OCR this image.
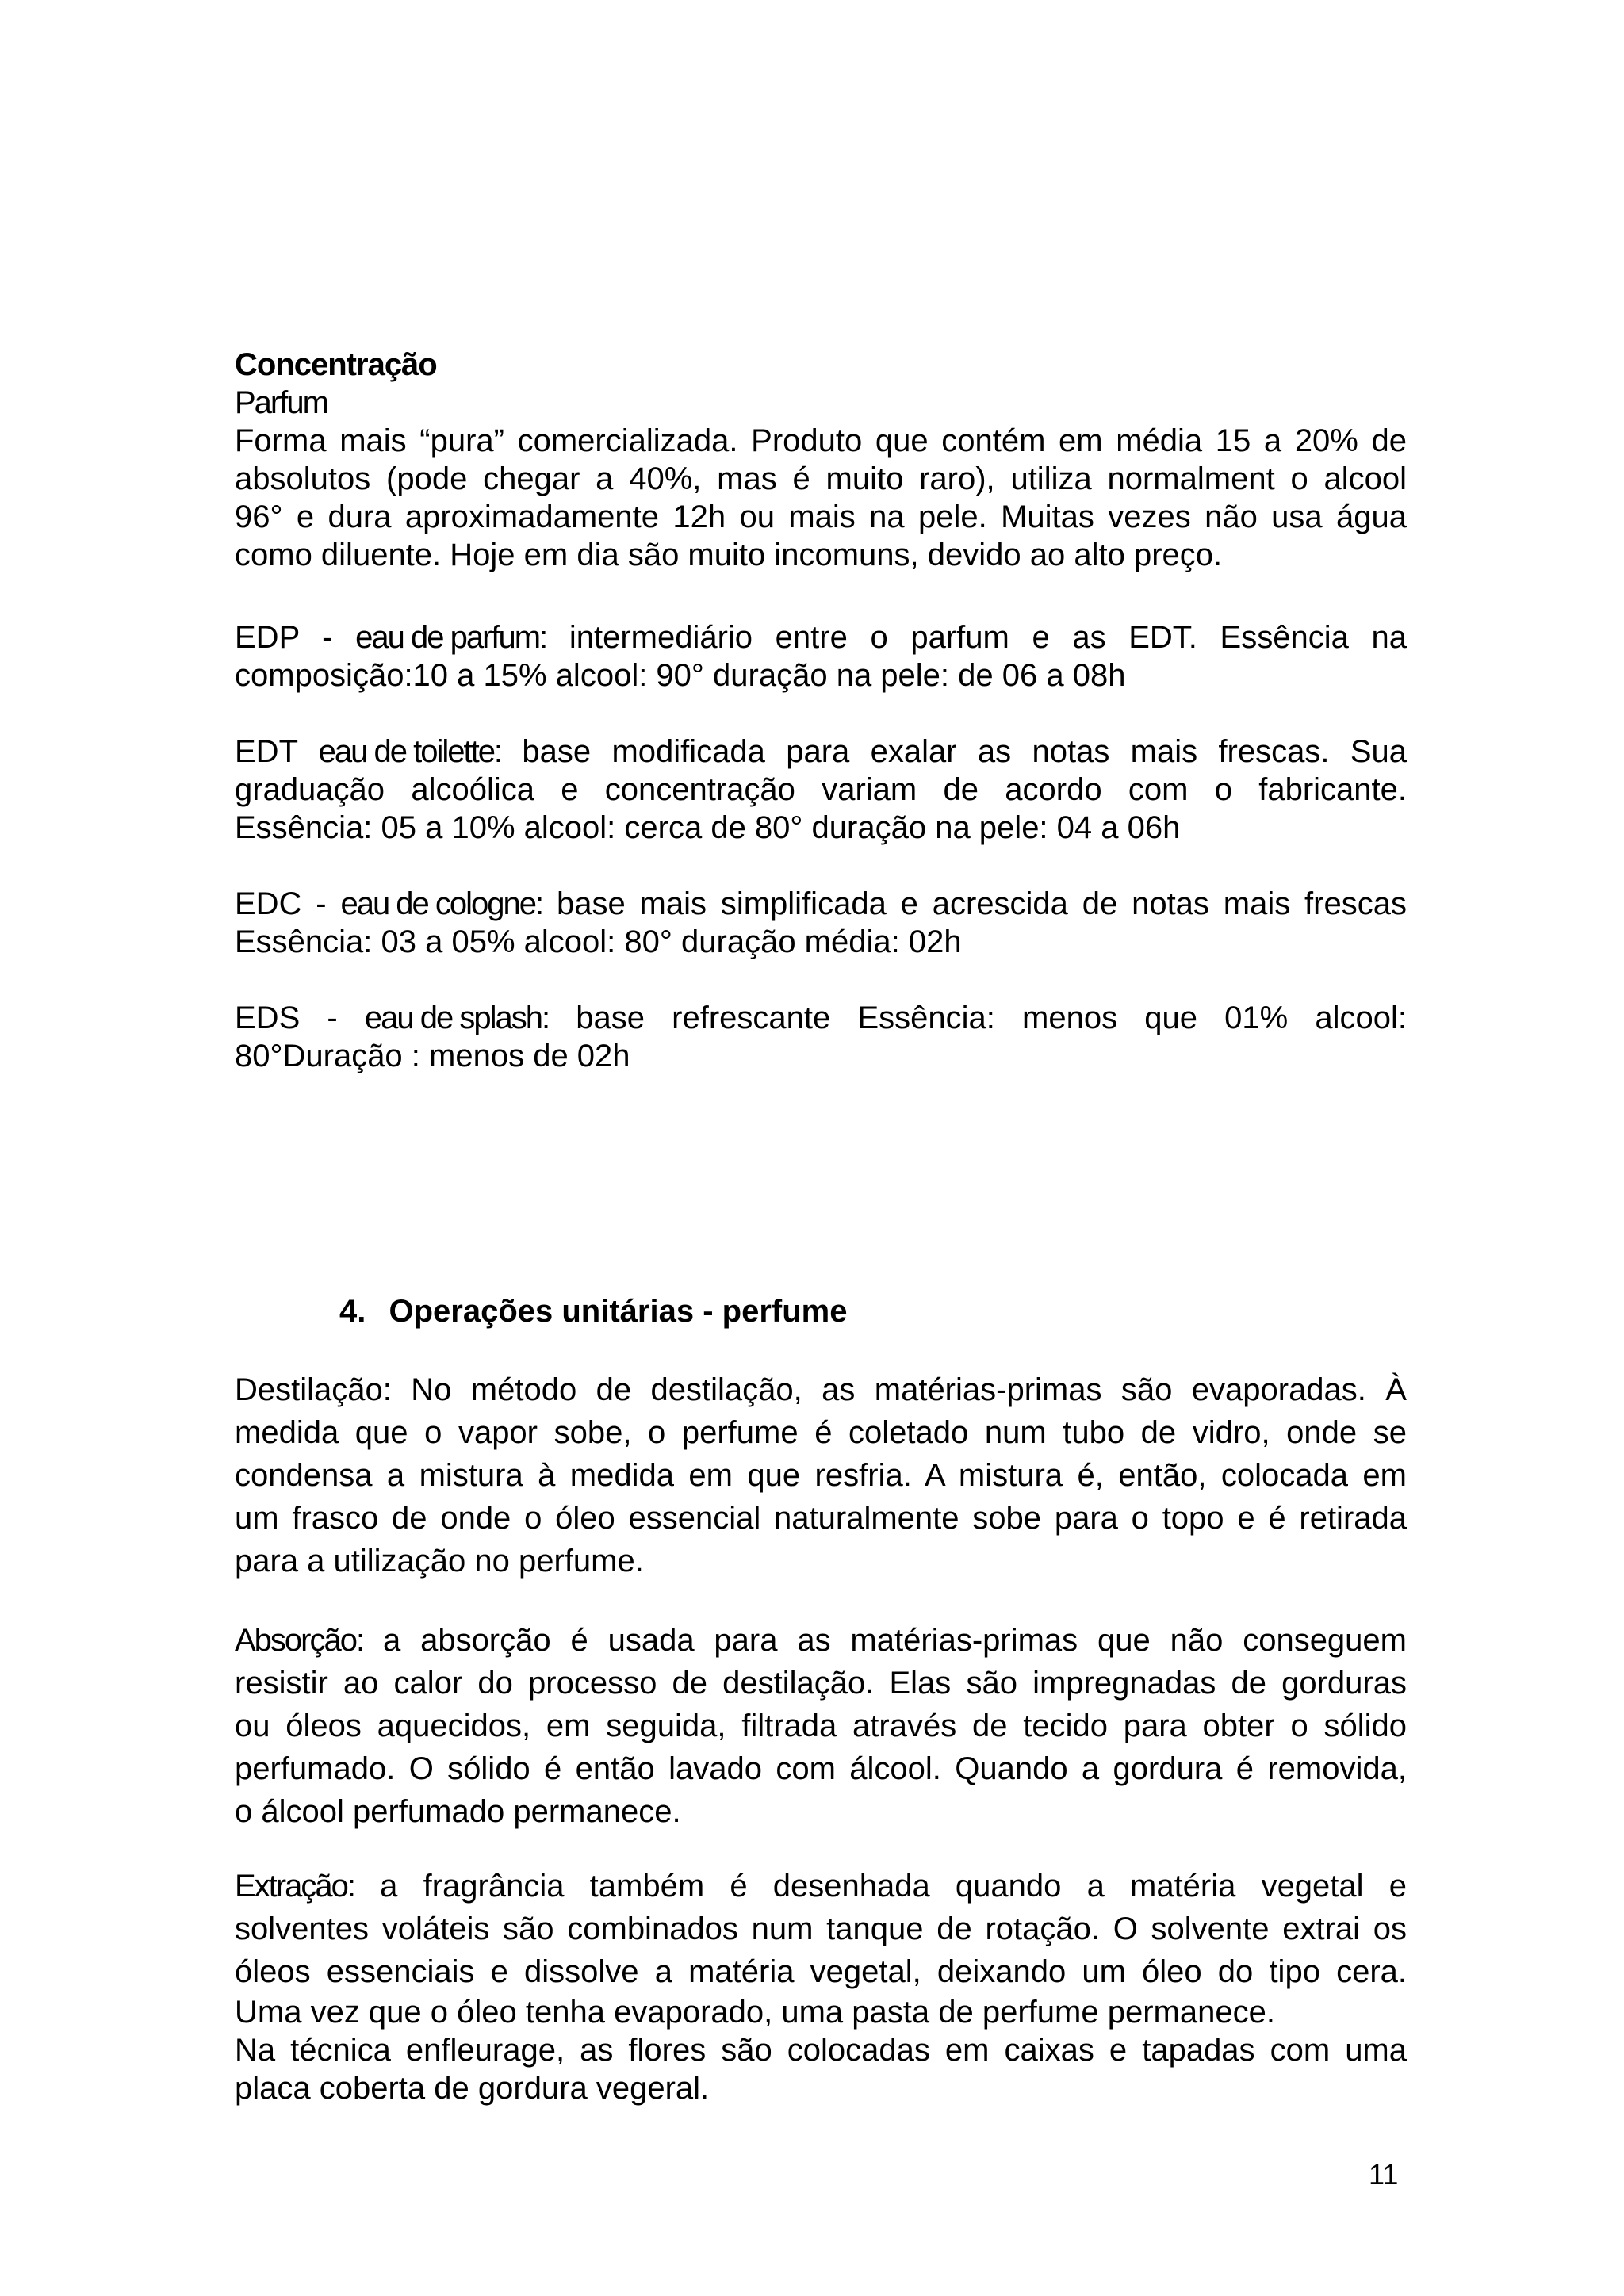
Concentração
Parfum
Forma mais “pura” comercializada. Produto que contém em média 15 a 20% de
absolutos (pode chegar a 40%, mas é muito raro), utiliza normalment o alcool
96° e dura aproximadamente 12h ou mais na pele. Muitas vezes não usa água
como diluente. Hoje em dia são muito incomuns, devido ao alto preço.
EDP - eau de parfum: intermediário entre o parfum e as EDT. Essência na
composição:10 a 15% alcool: 90° duração na pele: de 06 a 08h
EDT eau de toilette: base modificada para exalar as notas mais frescas. Sua
graduação alcoólica e concentração variam de acordo com o fabricante.
Essência: 05 a 10% alcool: cerca de 80° duração na pele: 04 a 06h
EDC - eau de cologne: base mais simplificada e acrescida de notas mais frescas
Essência: 03 a 05% alcool: 80° duração média: 02h
EDS - eau de splash: base refrescante Essência: menos que 01% alcool:
80°Duração : menos de 02h
4. Operações unitárias - perfume
Destilação: No método de destilação, as matérias-primas são evaporadas. À
medida que o vapor sobe, o perfume é coletado num tubo de vidro, onde se
condensa a mistura à medida em que resfria. A mistura é, então, colocada em
um frasco de onde o óleo essencial naturalmente sobe para o topo e é retirada
para a utilização no perfume.
Absorção: a absorção é usada para as matérias-primas que não conseguem
resistir ao calor do processo de destilação. Elas são impregnadas de gorduras
ou óleos aquecidos, em seguida, filtrada através de tecido para obter o sólido
perfumado. O sólido é então lavado com álcool. Quando a gordura é removida,
o álcool perfumado permanece.
Extração: a fragrância também é desenhada quando a matéria vegetal e
solventes voláteis são combinados num tanque de rotação. O solvente extrai os
óleos essenciais e dissolve a matéria vegetal, deixando um óleo do tipo cera.
Uma vez que o óleo tenha evaporado, uma pasta de perfume permanece.
Na técnica enfleurage, as flores são colocadas em caixas e tapadas com uma
placa coberta de gordura vegeral.
11
